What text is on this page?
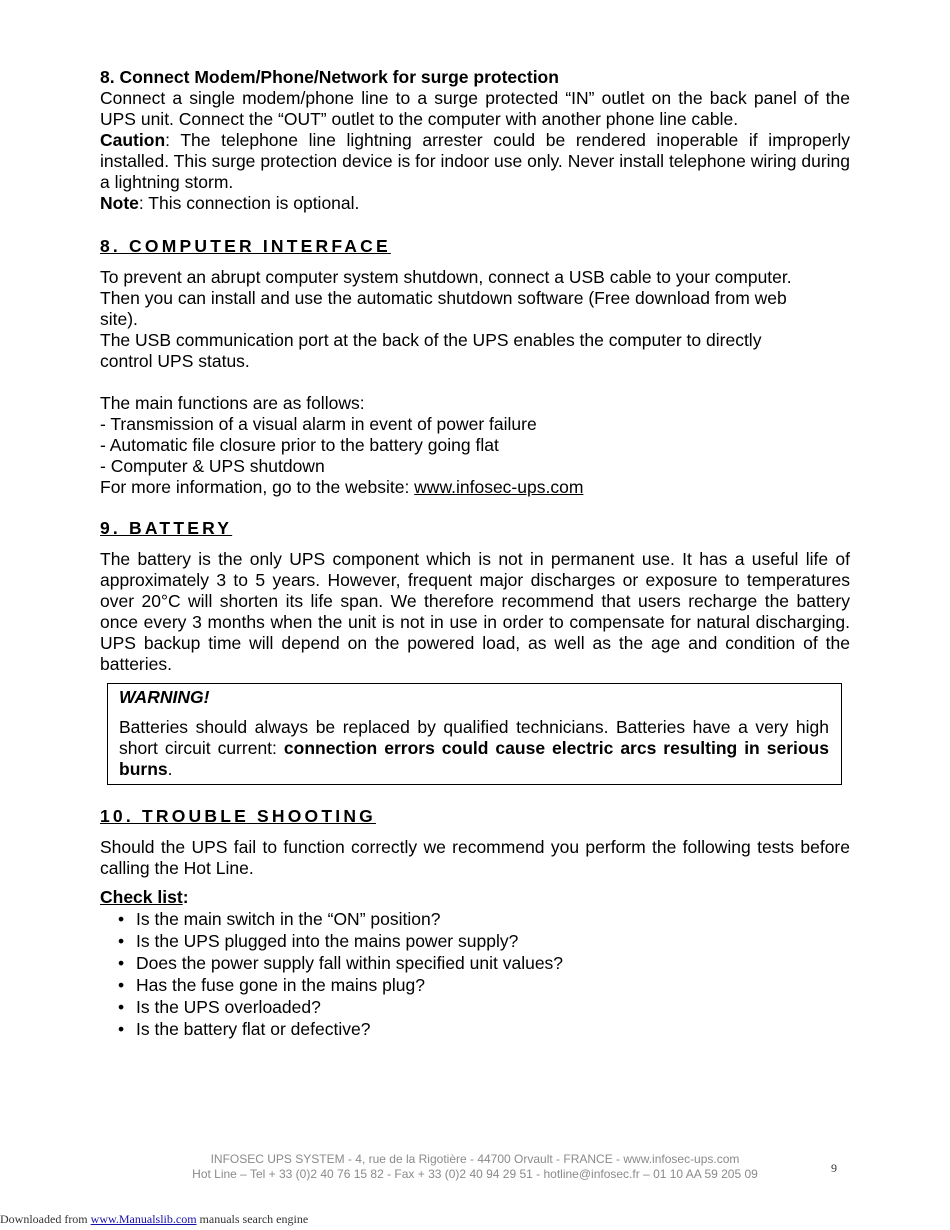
8. Connect Modem/Phone/Network for surge protection

Connect a single modem/phone line to a surge protected “IN” outlet on the back panel of the UPS unit. Connect the “OUT” outlet to the computer with another phone line cable.

Caution: The telephone line lightning arrester could be rendered inoperable if improperly installed. This surge protection device is for indoor use only. Never install telephone wiring during a lightning storm.

Note: This connection is optional.

8. COMPUTER INTERFACE

To prevent an abrupt computer system shutdown, connect a USB cable to your computer.

Then you can install and use the automatic shutdown software (Free download from web

site).

The USB communication port at the back of the UPS enables the computer to directly

control UPS status.

The main functions are as follows:

- Transmission of a visual alarm in event of power failure

- Automatic file closure prior to the battery going flat

- Computer & UPS shutdown

For more information, go to the website: www.infosec-ups.com

9. BATTERY

The battery is the only UPS component which is not in permanent use. It has a useful life of approximately 3 to 5 years. However, frequent major discharges or exposure to temperatures over 20°C will shorten its life span. We therefore recommend that users recharge the battery once every 3 months when the unit is not in use in order to compensate for natural discharging. UPS backup time will depend on the powered load, as well as the age and condition of the batteries.

WARNING!

Batteries should always be replaced by qualified technicians. Batteries have a very high short circuit current: connection errors could cause electric arcs resulting in serious burns.

10. TROUBLE SHOOTING

Should the UPS fail to function correctly we recommend you perform the following tests before calling the Hot Line.

Check list:

• Is the main switch in the “ON” position?
• Is the UPS plugged into the mains power supply?
• Does the power supply fall within specified unit values?
• Has the fuse gone in the mains plug?
• Is the UPS overloaded?
• Is the battery flat or defective?
INFOSEC UPS SYSTEM - 4, rue de la Rigotière - 44700 Orvault - FRANCE - www.infosec-ups.com
Hot Line – Tel + 33 (0)2 40 76 15 82 - Fax + 33 (0)2 40 94 29 51 - hotline@infosec.fr – 01 10 AA 59 205 09	9
Downloaded from www.Manualslib.com manuals search engine
